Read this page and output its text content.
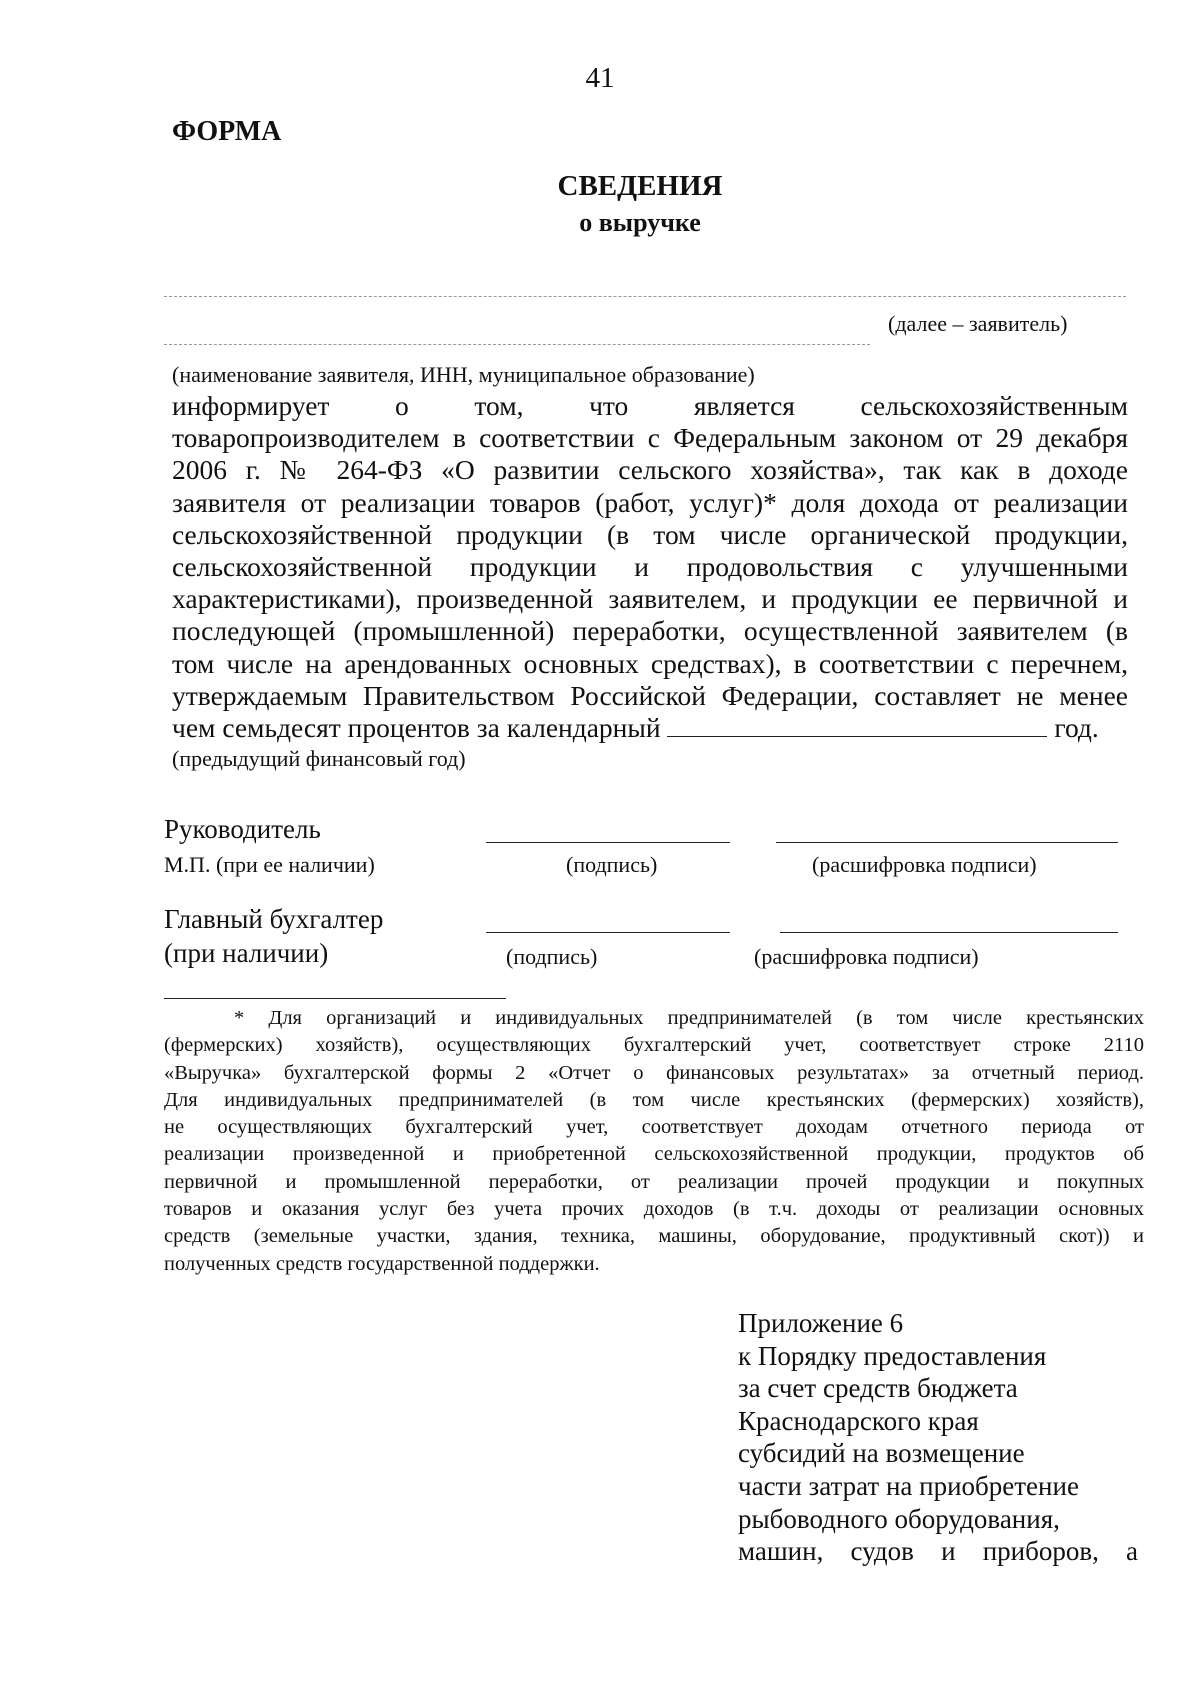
41
ФОРМА
СВЕДЕНИЯ
о выручке
(далее – заявитель)
(наименование заявителя, ИНН, муниципальное образование)
информирует о том, что является сельскохозяйственным
товаропроизводителем в соответствии с Федеральным законом от 29 декабря
2006 г. № 264-ФЗ «О развитии сельского хозяйства», так как в доходе
заявителя от реализации товаров (работ, услуг)* доля дохода от реализации
сельскохозяйственной продукции (в том числе органической продукции,
сельскохозяйственной продукции и продовольствия с улучшенными
характеристиками), произведенной заявителем, и продукции ее первичной и
последующей (промышленной) переработки, осуществленной заявителем (в
том числе на арендованных основных средствах), в соответствии с перечнем,
утверждаемым Правительством Российской Федерации, составляет не менее
чем семьдесят процентов за календарный	год.
(предыдущий финансовый год)
Руководитель
М.П. (при ее наличии)	(подпись)	(расшифровка подписи)
Главный бухгалтер
(при наличии)	(подпись)	(расшифровка подписи)
* Для организаций и индивидуальных предпринимателей (в том числе крестьянских
(фермерских) хозяйств), осуществляющих бухгалтерский учет, соответствует строке 2110
«Выручка» бухгалтерской формы 2 «Отчет о финансовых результатах» за отчетный период.
Для индивидуальных предпринимателей (в том числе крестьянских (фермерских) хозяйств),
не осуществляющих бухгалтерский учет, соответствует доходам отчетного периода от
реализации произведенной и приобретенной сельскохозяйственной продукции, продуктов об
первичной и промышленной переработки, от реализации прочей продукции и покупных
товаров и оказания услуг без учета прочих доходов (в т.ч. доходы от реализации основных
средств (земельные участки, здания, техника, машины, оборудование, продуктивный скот)) и
полученных средств государственной поддержки.
Приложение 6
к Порядку предоставления
за счет средств бюджета
Краснодарского края
субсидий на возмещение
части затрат на приобретение
рыбоводного оборудования,
машин, судов и приборов, а
